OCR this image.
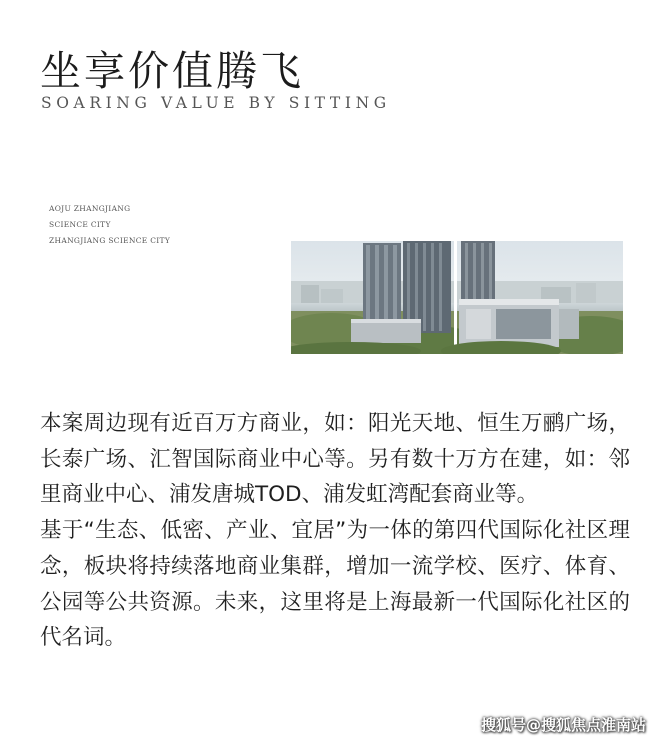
坐享价值腾飞
SOARING VALUE BY SITTING
AOJU ZHANGJIANG
SCIENCE CITY
ZHANGJIANG SCIENCE CITY

本案周边现有近百万方商业，如：阳光天地、恒生万鹂广场，长泰广场、汇智国际商业中心等。另有数十万方在建，如：邻里商业中心、浦发唐城TOD、浦发虹湾配套商业等。

基于“生态、低密、产业、宜居”为一体的第四代国际化社区理念，板块将持续落地商业集群，增加一流学校、医疗、体育、公园等公共资源。未来，这里将是上海最新一代国际化社区的代名词。

搜狐号@搜狐焦点淮南站
